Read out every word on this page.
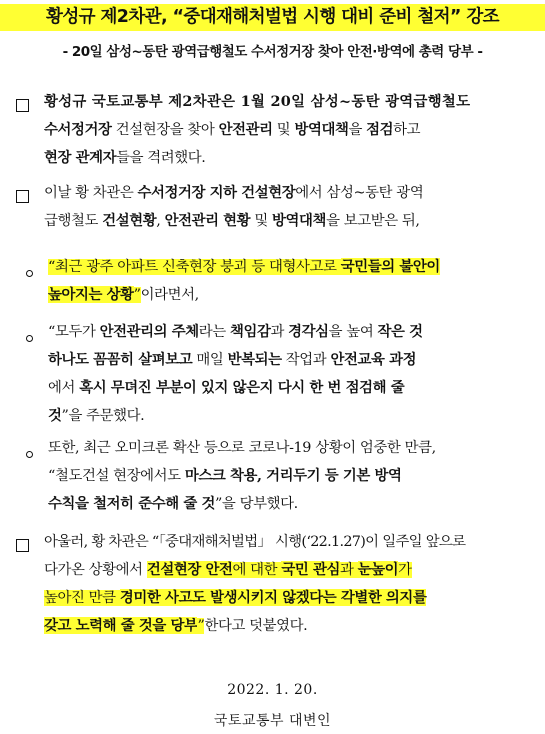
황성규 제2차관, “중대재해처벌법 시행 대비 준비 철저” 강조
- 20일 삼성~동탄 광역급행철도 수서정거장 찾아 안전·방역에 총력 당부 -
황성규 국토교통부 제2차관은 1월 20일 삼성~동탄 광역급행철도
수서정거장 건설현장을 찾아 안전관리 및 방역대책을 점검하고
현장 관계자들을 격려했다.
이날 황 차관은 수서정거장 지하 건설현장에서 삼성~동탄 광역
급행철도 건설현황, 안전관리 현황 및 방역대책을 보고받은 뒤,
“최근 광주 아파트 신축현장 붕괴 등 대형사고로 국민들의 불안이
높아지는 상황”이라면서,
“모두가 안전관리의 주체라는 책임감과 경각심을 높여 작은 것
하나도 꼼꼼히 살펴보고 매일 반복되는 작업과 안전교육 과정
에서 혹시 무뎌진 부분이 있지 않은지 다시 한 번 점검해 줄
것”을 주문했다.
또한, 최근 오미크론 확산 등으로 코로나-19 상황이 엄중한 만큼,
“철도건설 현장에서도 마스크 착용, 거리두기 등 기본 방역
수칙을 철저히 준수해 줄 것”을 당부했다.
아울러, 황 차관은 “「중대재해처벌법」 시행(‘22.1.27)이 일주일 앞으로
다가온 상황에서 건설현장 안전에 대한 국민 관심과 눈높이가
높아진 만큼 경미한 사고도 발생시키지 않겠다는 각별한 의지를
갖고 노력해 줄 것을 당부”한다고 덧붙였다.
2022. 1. 20.
국토교통부 대변인
